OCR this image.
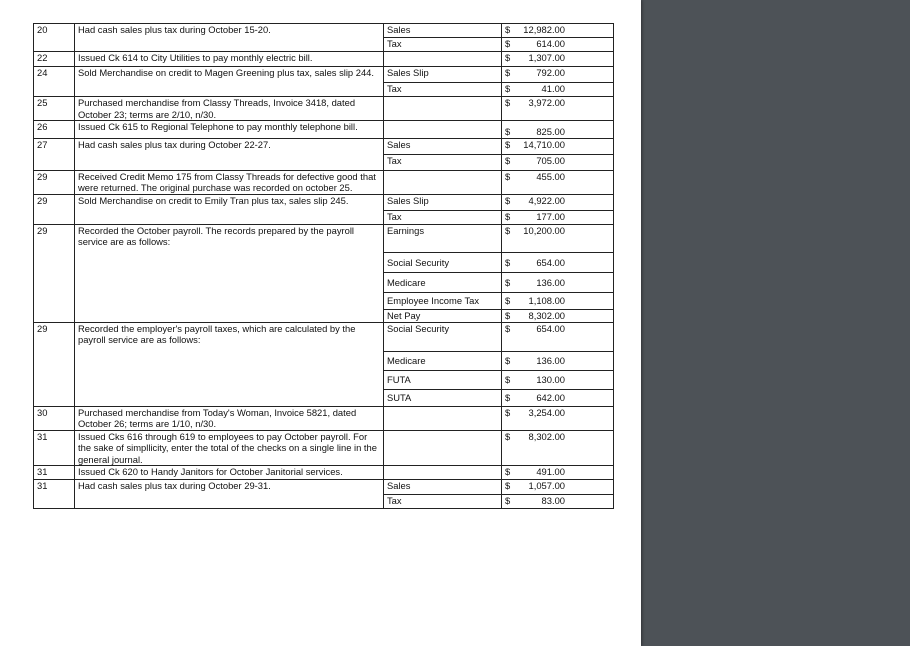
20	Had cash sales plus tax during October 15-20.	Sales	$ 12,982.00

		Tax	$ 614.00

22	Issued Ck 614 to City Utilities to pay monthly electric bill.		$ 1,307.00

24	Sold Merchandise on credit to Magen Greening plus tax, sales slip 244.	Sales Slip	$ 792.00

		Tax	$ 41.00

25	Purchased merchandise from Classy Threads, Invoice 3418, dated October 23; terms are 2/10, n/30.		$ 3,972.00

26	Issued Ck 615 to Regional Telephone to pay monthly telephone bill.		$ 825.00

27	Had cash sales plus tax during October 22-27.	Sales	$ 14,710.00

		Tax	$ 705.00

29	Received Credit Memo 175 from Classy Threads for defective good that were returned. The original purchase was recorded on october 25.		$ 455.00

29	Sold Merchandise on credit to Emily Tran plus tax, sales slip 245.	Sales Slip	$ 4,922.00

		Tax	$ 177.00

29	Recorded the October payroll. The records prepared by the payroll service are as follows:	Earnings	$ 10,200.00

		Social Security	$ 654.00

		Medicare	$ 136.00

		Employee Income Tax	$ 1,108.00

		Net Pay	$ 8,302.00

29	Recorded the employer's payroll taxes, which are calculated by the payroll service are as follows:	Social Security	$ 654.00

		Medicare	$ 136.00

		FUTA	$ 130.00

		SUTA	$ 642.00

30	Purchased merchandise from Today's Woman, Invoice 5821, dated October 26; terms are 1/10, n/30.		$ 3,254.00

31	Issued Cks 616 through 619 to employees to pay October payroll. For the sake of simpllicity, enter the total of the checks on a single line in the general journal.		$ 8,302.00

31	Issued Ck 620 to Handy Janitors for October Janitorial services.		$ 491.00

31	Had cash sales plus tax during October 29-31.	Sales	$ 1,057.00

		Tax	$ 83.00
